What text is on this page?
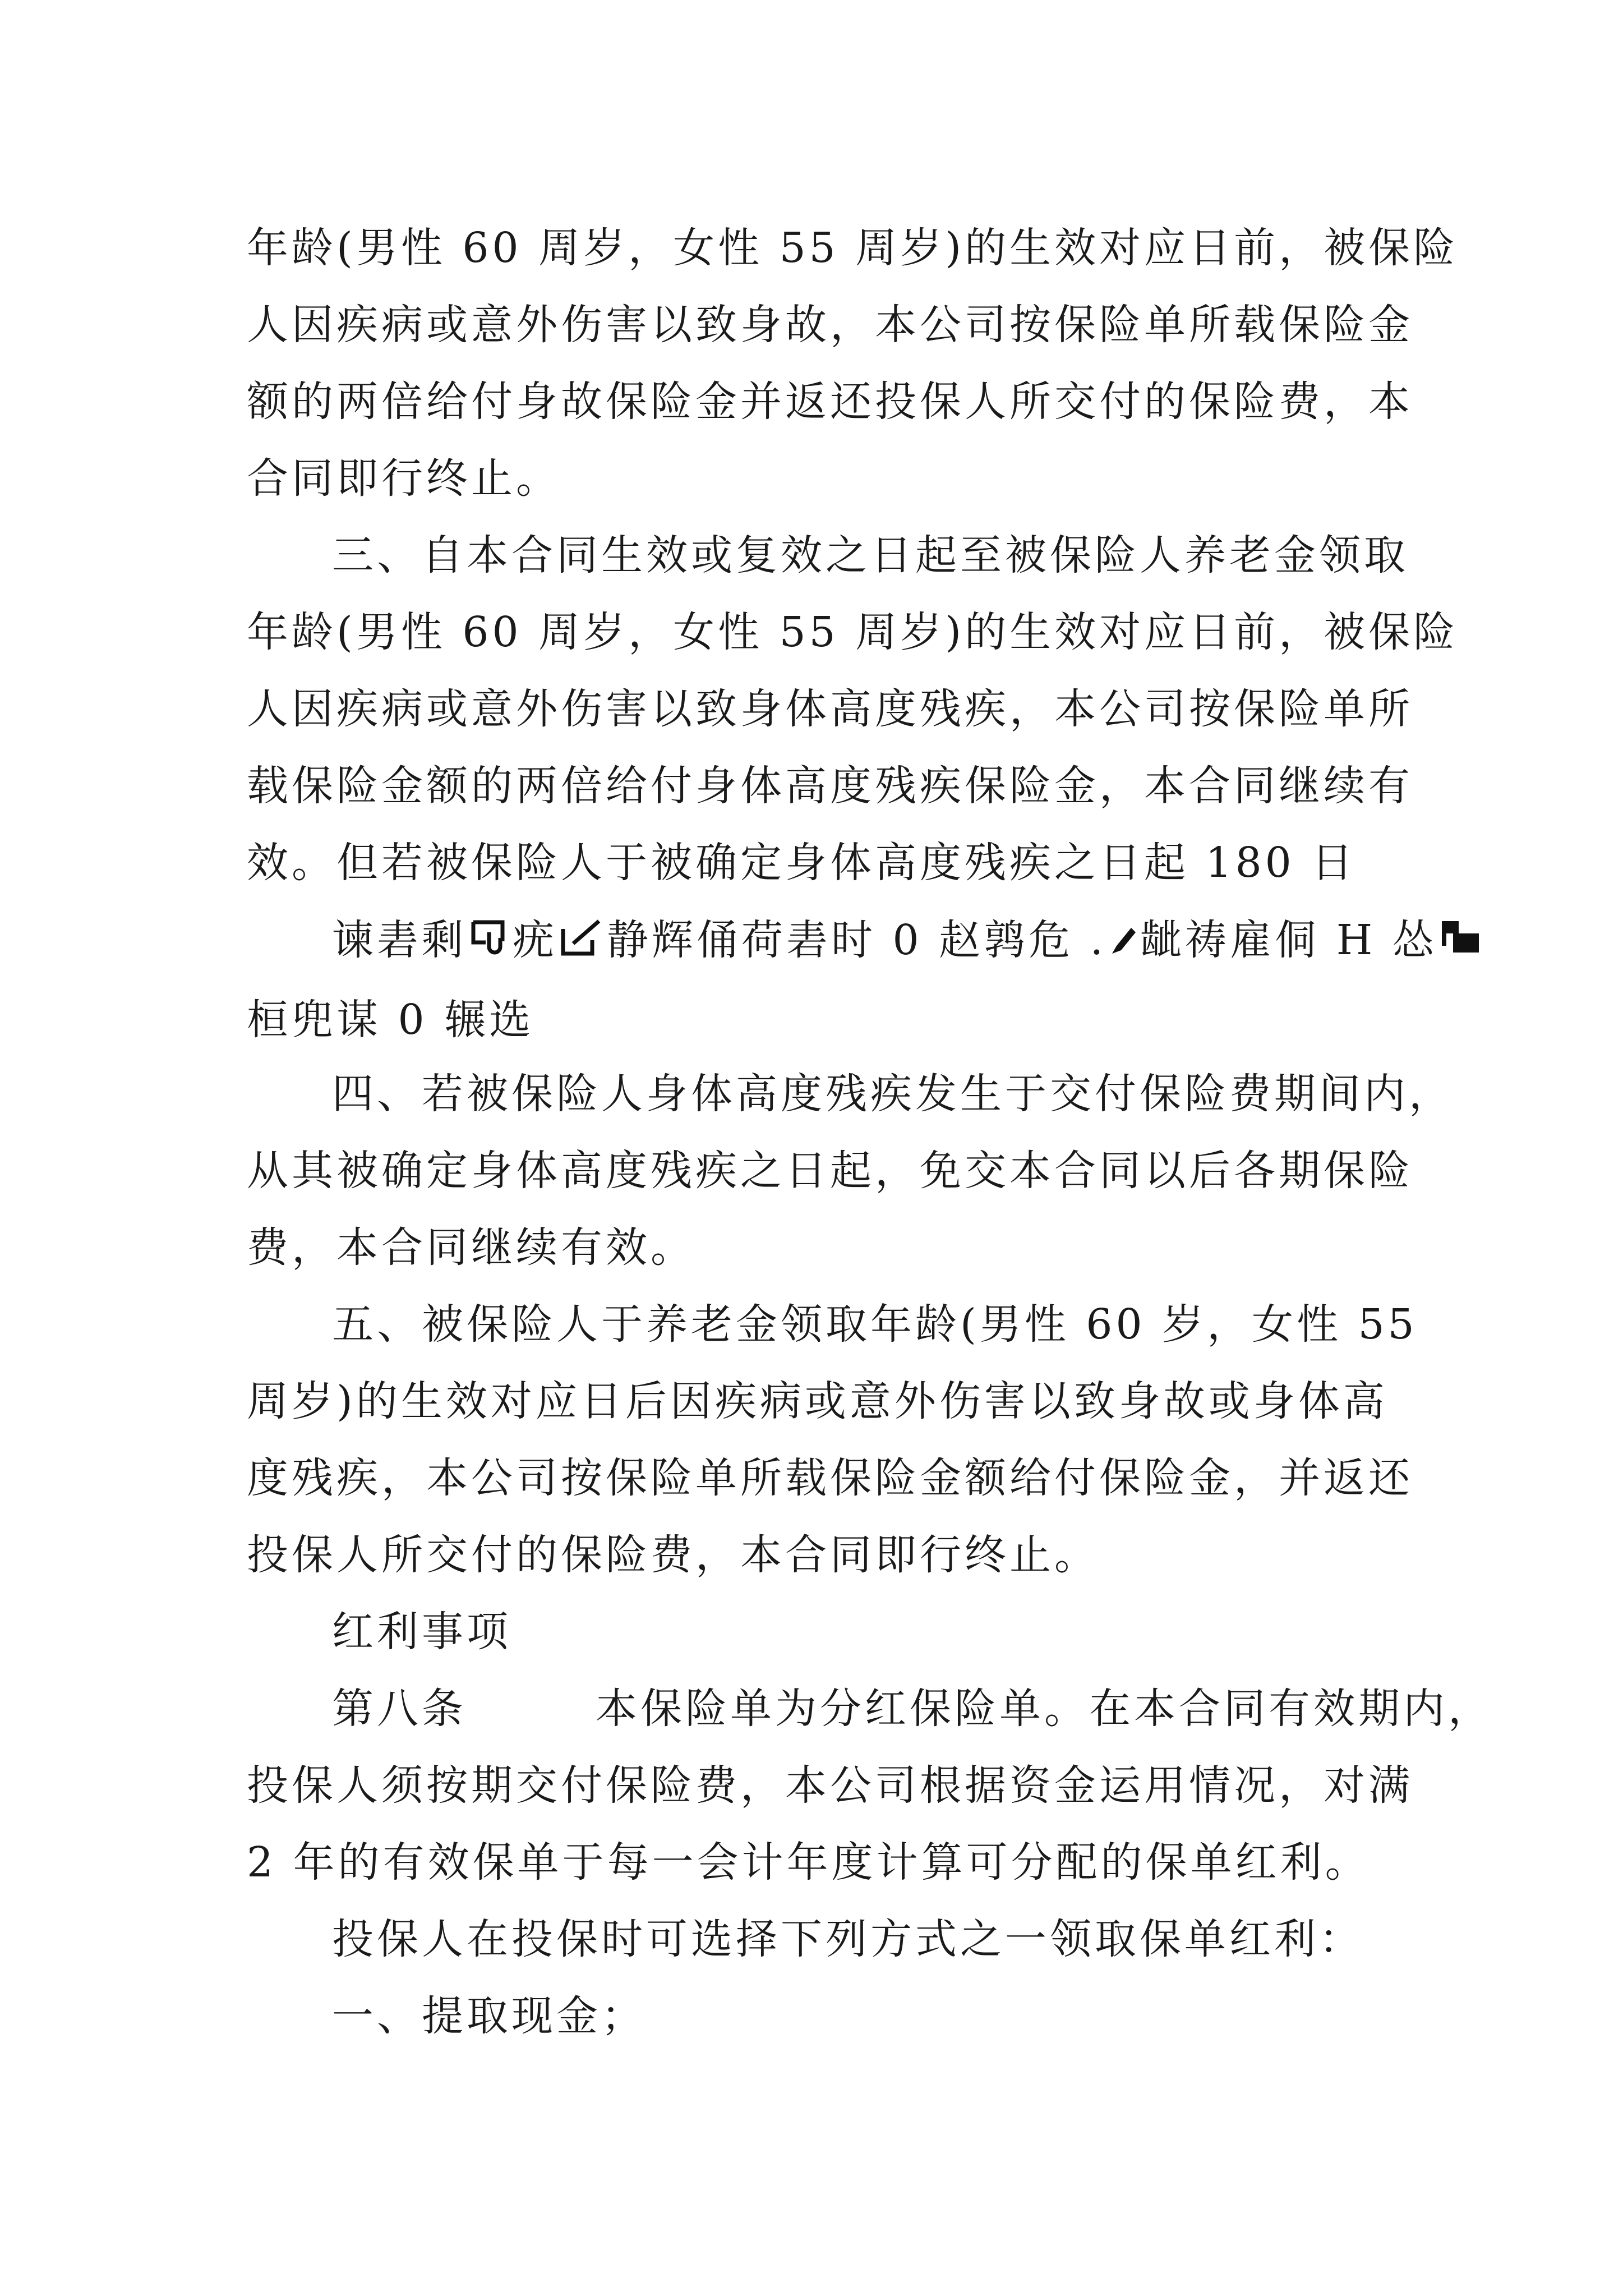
年龄(男性 60 周岁，女性 55 周岁)的生效对应日前，被保险
人因疾病或意外伤害以致身故，本公司按保险单所载保险金
额的两倍给付身故保险金并返还投保人所交付的保险费，本
合同即行终止。
三、自本合同生效或复效之日起至被保险人养老金领取
年龄(男性 60 周岁，女性 55 周岁)的生效对应日前，被保险
人因疾病或意外伤害以致身体高度残疾，本公司按保险单所
载保险金额的两倍给付身体高度残疾保险金，本合同继续有
效。但若被保险人于被确定身体高度残疾之日起 180 日
谏砉剩 疣 静辉俑荷砉时 0 赵鹑危 . 龇祷雇侗 H 怂
桓兜谋 0 辗选
四、若被保险人身体高度残疾发生于交付保险费期间内，
从其被确定身体高度残疾之日起，免交本合同以后各期保险
费，本合同继续有效。
五、被保险人于养老金领取年龄(男性 60 岁，女性 55
周岁)的生效对应日后因疾病或意外伤害以致身故或身体高
度残疾，本公司按保险单所载保险金额给付保险金，并返还
投保人所交付的保险费，本合同即行终止。
红利事项
第八条	本保险单为分红保险单。在本合同有效期内，
投保人须按期交付保险费，本公司根据资金运用情况，对满
2 年的有效保单于每一会计年度计算可分配的保单红利。
投保人在投保时可选择下列方式之一领取保单红利：
一、提取现金；
